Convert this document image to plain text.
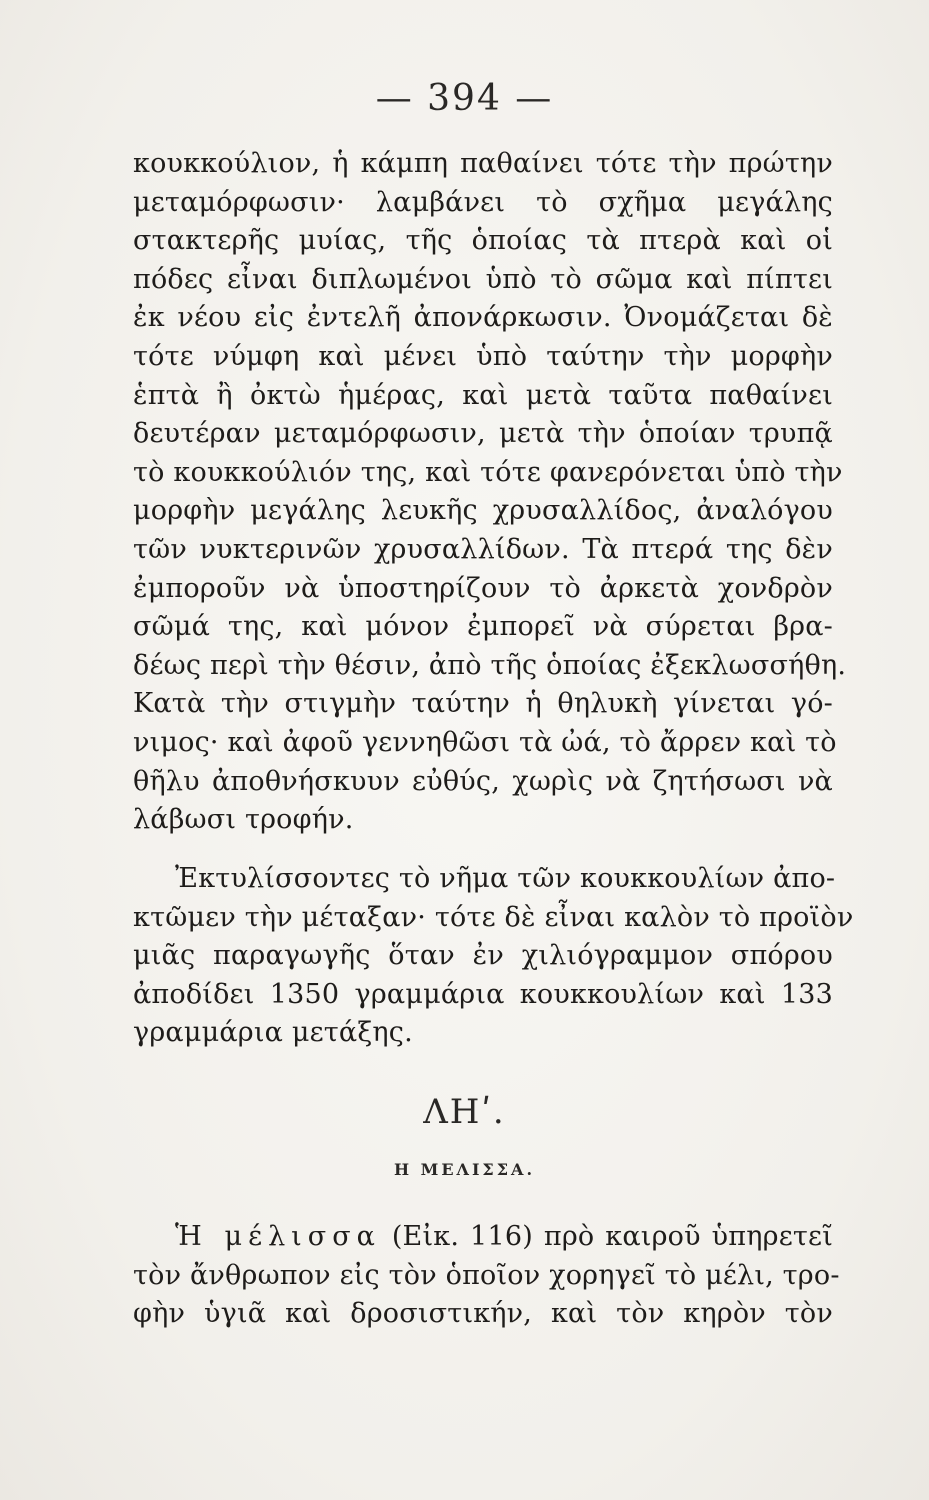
— 394 —
κουκκούλιον, ἡ κάμπη παθαίνει τότε τὴν πρώτην
μεταμόρφωσιν· λαμβάνει τὸ σχῆμα μεγάλης
στακτερῆς μυίας, τῆς ὁποίας τὰ πτερὰ καὶ οἱ
πόδες εἶναι διπλωμένοι ὑπὸ τὸ σῶμα καὶ πίπτει
ἐκ νέου εἰς ἐντελῆ ἀπονάρκωσιν. Ὀνομάζεται δὲ
τότε νύμφη καὶ μένει ὑπὸ ταύτην τὴν μορφὴν
ἑπτὰ ἢ ὀκτὼ ἡμέρας, καὶ μετὰ ταῦτα παθαίνει
δευτέραν μεταμόρφωσιν, μετὰ τὴν ὁποίαν τρυπᾷ
τὸ κουκκούλιόν της, καὶ τότε φανερόνεται ὑπὸ τὴν
μορφὴν μεγάλης λευκῆς χρυσαλλίδος, ἀναλόγου
τῶν νυκτερινῶν χρυσαλλίδων. Τὰ πτερά της δὲν
ἐμποροῦν νὰ ὑποστηρίζουν τὸ ἀρκετὰ χονδρὸν
σῶμά της, καὶ μόνον ἐμπορεῖ νὰ σύρεται βρα-
δέως περὶ τὴν θέσιν, ἀπὸ τῆς ὁποίας ἐξεκλωσσήθη.
Κατὰ τὴν στιγμὴν ταύτην ἡ θηλυκὴ γίνεται γό-
νιμος· καὶ ἀφοῦ γεννηθῶσι τὰ ὠά, τὸ ἄρρεν καὶ τὸ
θῆλυ ἀποθνήσκυυν εὐθύς, χωρὶς νὰ ζητήσωσι νὰ
λάβωσι τροφήν.
Ἐκτυλίσσοντες τὸ νῆμα τῶν κουκκουλίων ἀπο-
κτῶμεν τὴν μέταξαν· τότε δὲ εἶναι καλὸν τὸ προϊὸν
μιᾶς παραγωγῆς ὅταν ἐν χιλιόγραμμον σπόρου
ἀποδίδει 1350 γραμμάρια κουκκουλίων καὶ 133
γραμμάρια μετάξης.
ΛΗʹ.
Η ΜΕΛΙΣΣΑ.
Ἡ μέλισσα (Εἰκ. 116) πρὸ καιροῦ ὑπηρετεῖ
τὸν ἄνθρωπον εἰς τὸν ὁποῖον χορηγεῖ τὸ μέλι, τρο-
φὴν ὑγιᾶ καὶ δροσιστικήν, καὶ τὸν κηρὸν τὸν
